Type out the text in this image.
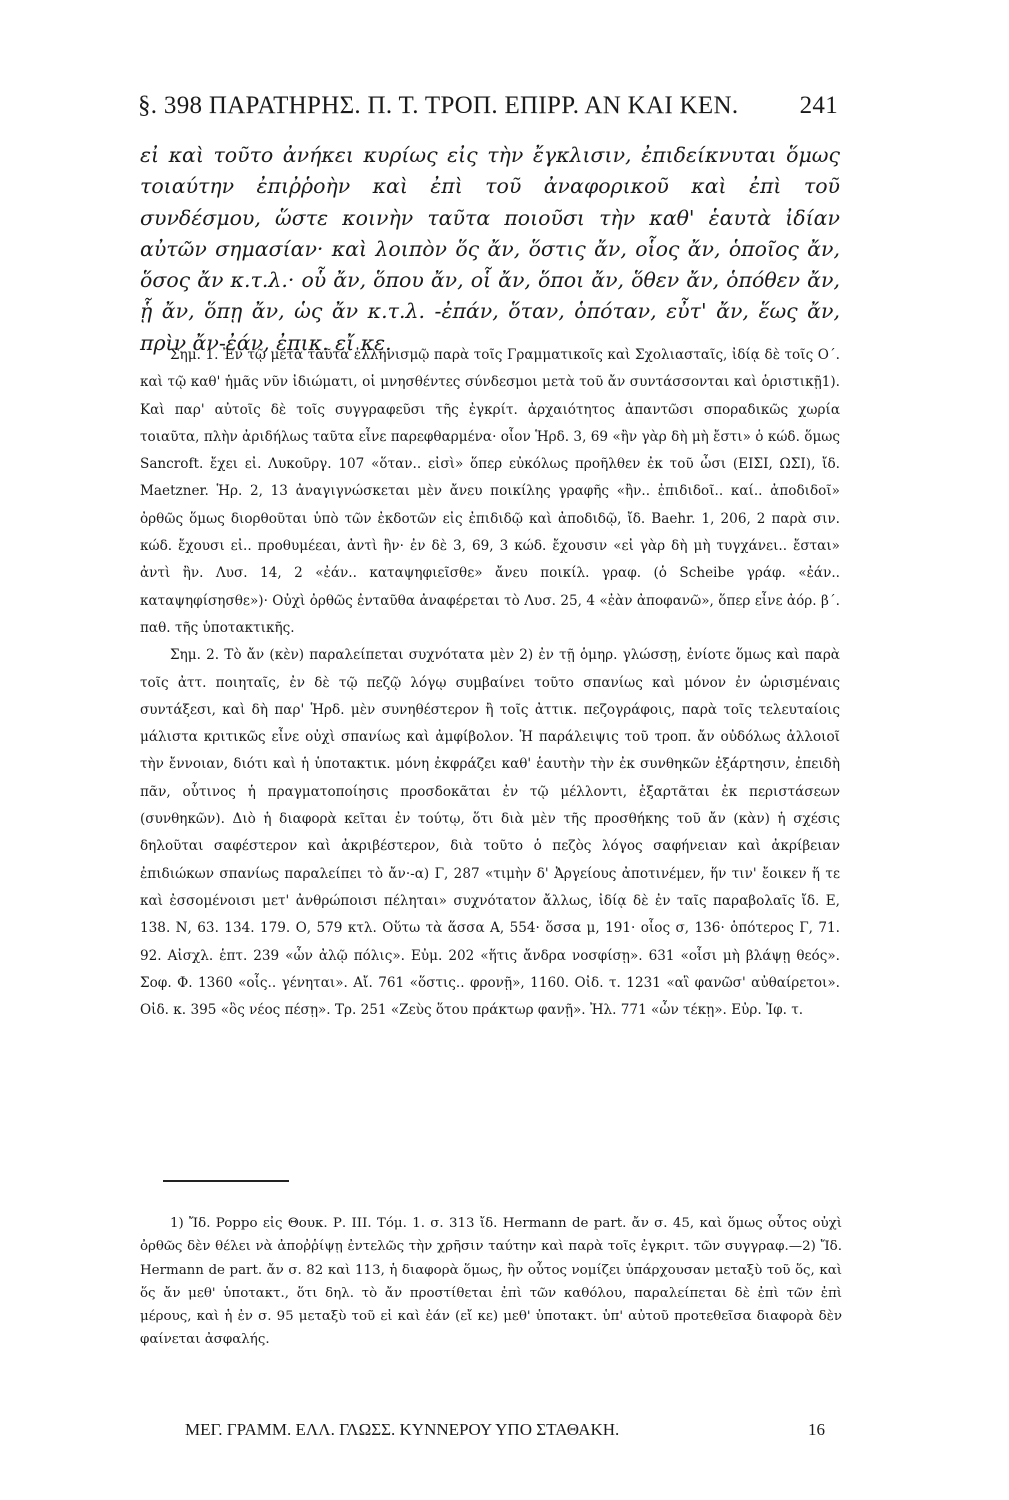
§. 398 ΠΑΡΑΤΗΡΗΣ. Π. Τ. ΤΡΟΠ. ΕΠΙΡΡ. ΑΝ ΚΑΙ ΚΕΝ. 241

εἰ καὶ τοῦτο ἀνήκει κυρίως εἰς τὴν ἔγκλισιν, ἐπιδείκνυται ὅμως τοιαύτην ἐπιῤῥοὴν καὶ ἐπὶ τοῦ ἀναφορικοῦ καὶ ἐπὶ τοῦ συνδέσμου, ὥστε κοινὴν ταῦτα ποιοῦσι τὴν καθ' ἑαυτὰ ἰδίαν αὐτῶν σημασίαν· καὶ λοιπὸν ὅς ἄν, ὅστις ἄν, οἷος ἄν, ὁποῖος ἄν, ὅσος ἄν κ.τ.λ.· οὗ ἄν, ὅπου ἄν, οἷ ἄν, ὅποι ἄν, ὅθεν ἄν, ὁπόθεν ἄν, ᾗ ἄν, ὅπῃ ἄν, ὡς ἄν κ.τ.λ. -ἐπάν, ὅταν, ὁπόταν, εὖτ' ἄν, ἕως ἄν, πρὶν ἄν-ἐάν, ἐπικ. εἴ κε.

Σημ. 1. Ἐν τῷ μετὰ ταῦτα ἑλληνισμῷ παρὰ τοῖς Γραμματικοῖς καὶ Σχολιασταῖς, ἰδίᾳ δὲ τοῖς Ο΄. καὶ τῷ καθ' ἡμᾶς νῦν ἰδιώματι, οἱ μνησθέντες σύνδεσμοι μετὰ τοῦ ἄν συντάσσονται καὶ ὁριστικῇ1). Καὶ παρ' αὐτοῖς δὲ τοῖς συγγραφεῦσι τῆς ἐγκρίτ. ἀρχαιότητος ἀπαντῶσι σποραδικῶς χωρία τοιαῦτα, πλὴν ἀριδήλως ταῦτα εἶνε παρεφθαρμένα· οἷον Ἡρδ. 3, 69 «ἢν γὰρ δὴ μὴ ἔστι» ὁ κώδ. ὅμως Sancroft. ἔχει εἰ. Λυκοῦργ. 107 «ὅταν.. εἰσὶ» ὅπερ εὐκόλως προῆλθεν ἐκ τοῦ ὦσι (ΕΙΣΙ, ΩΣΙ), ἴδ. Maetzner. Ἡρ. 2, 13 ἀναγιγνώσκεται μὲν ἄνευ ποικίλης γραφῆς «ἢν.. ἐπιδιδοῖ.. καί.. ἀποδιδοῖ» ὀρθῶς ὅμως διορθοῦται ὑπὸ τῶν ἐκδοτῶν εἰς ἐπιδιδῷ καὶ ἀποδιδῷ, ἴδ. Baehr. 1, 206, 2 παρὰ σιν. κώδ. ἔχουσι εἰ.. προθυμέεαι, ἀντὶ ἢν· ἐν δὲ 3, 69, 3 κώδ. ἔχουσιν «εἰ γὰρ δὴ μὴ τυγχάνει.. ἔσται» ἀντὶ ἢν. Λυσ. 14, 2 «ἐάν.. καταψηφιεῖσθε» ἄνευ ποικίλ. γραφ. (ὁ Scheibe γράφ. «ἐάν.. καταψηφίσησθε»)· Οὐχὶ ὀρθῶς ἐνταῦθα ἀναφέρεται τὸ Λυσ. 25, 4 «ἐὰν ἀποφανῶ», ὅπερ εἶνε ἀόρ. β΄. παθ. τῆς ὑποτακτικῆς.

Σημ. 2. Τὸ ἄν (κὲν) παραλείπεται συχνότατα μὲν 2) ἐν τῇ ὁμηρ. γλώσσῃ, ἐνίοτε ὅμως καὶ παρὰ τοῖς ἀττ. ποιηταῖς, ἐν δὲ τῷ πεζῷ λόγῳ συμβαίνει τοῦτο σπανίως καὶ μόνον ἐν ὡρισμέναις συντάξεσι, καὶ δὴ παρ' Ἡρδ. μὲν συνηθέστερον ἢ τοῖς ἀττικ. πεζογράφοις, παρὰ τοῖς τελευταίοις μάλιστα κριτικῶς εἶνε οὐχὶ σπανίως καὶ ἀμφίβολον. Ἡ παράλειψις τοῦ τροπ. ἄν οὐδόλως ἀλλοιοῖ τὴν ἔννοιαν, διότι καὶ ἡ ὑποτακτικ. μόνη ἐκφράζει καθ' ἑαυτὴν τὴν ἐκ συνθηκῶν ἐξάρτησιν, ἐπειδὴ πᾶν, οὗτινος ἡ πραγματοποίησις προσδοκᾶται ἐν τῷ μέλλοντι, ἐξαρτᾶται ἐκ περιστάσεων (συνθηκῶν). Διὸ ἡ διαφορὰ κεῖται ἐν τούτῳ, ὅτι διὰ μὲν τῆς προσθήκης τοῦ ἄν (κὰν) ἡ σχέσις δηλοῦται σαφέστερον καὶ ἀκριβέστερον, διὰ τοῦτο ὁ πεζὸς λόγος σαφήνειαν καὶ ἀκρίβειαν ἐπιδιώκων σπανίως παραλείπει τὸ ἄν·-α) Γ, 287 «τιμὴν δ' Ἀργείους ἀποτινέμεν, ἥν τιν' ἔοικεν ἥ τε καὶ ἐσσομένοισι μετ' ἀνθρώποισι πέληται» συχνότατον ἄλλως, ἰδίᾳ δὲ ἐν ταῖς παραβολαῖς ἴδ. Ε, 138. Ν, 63. 134. 179. Ο, 579 κτλ. Οὕτω τὰ ἅσσα Α, 554· ὅσσα μ, 191· οἷος σ, 136· ὁπότερος Γ, 71. 92. Αἰσχλ. ἑπτ. 239 «ὧν ἀλῷ πόλις». Εὐμ. 202 «ἥτις ἄνδρα νοσφίσῃ». 631 «οἷσι μὴ βλάψῃ θεός». Σοφ. Φ. 1360 «οἷς.. γένηται». Αἴ. 761 «ὅστις.. φρονῇ», 1160. Οἰδ. τ. 1231 «αἳ φανῶσ' αὐθαίρετοι». Οἰδ. κ. 395 «ὃς νέος πέσῃ». Τρ. 251 «Ζεὺς ὅτου πράκτωρ φανῇ». Ἠλ. 771 «ὧν τέκῃ». Εὐρ. Ἰφ. τ.

1) Ἴδ. Poppo εἰς Θουκ. Ρ. III. Τόμ. 1. σ. 313 ἴδ. Hermann de part. ἄν σ. 45, καὶ ὅμως οὗτος οὐχὶ ὀρθῶς δὲν θέλει νὰ ἀποῤῥίψῃ ἐντελῶς τὴν χρῆσιν ταύτην καὶ παρὰ τοῖς ἐγκριτ. τῶν συγγραφ.—2) Ἴδ. Hermann de part. ἄν σ. 82 καὶ 113, ἡ διαφορὰ ὅμως, ἣν οὗτος νομίζει ὑπάρχουσαν μεταξὺ τοῦ ὅς, καὶ ὅς ἄν μεθ' ὑποτακτ., ὅτι δηλ. τὸ ἄν προστίθεται ἐπὶ τῶν καθόλου, παραλείπεται δὲ ἐπὶ τῶν ἐπὶ μέρους, καὶ ἡ ἐν σ. 95 μεταξὺ τοῦ εἰ καὶ ἐάν (εἴ κε) μεθ' ὑποτακτ. ὑπ' αὐτοῦ προτεθεῖσα διαφορὰ δὲν φαίνεται ἀσφαλής.

ΜΕΓ. ΓΡΑΜΜ. ΕΛΛ. ΓΛΩΣΣ. ΚΥΝΝΕΡΟΥ ΥΠΟ ΣΤΑΘΑΚΗ.	16
